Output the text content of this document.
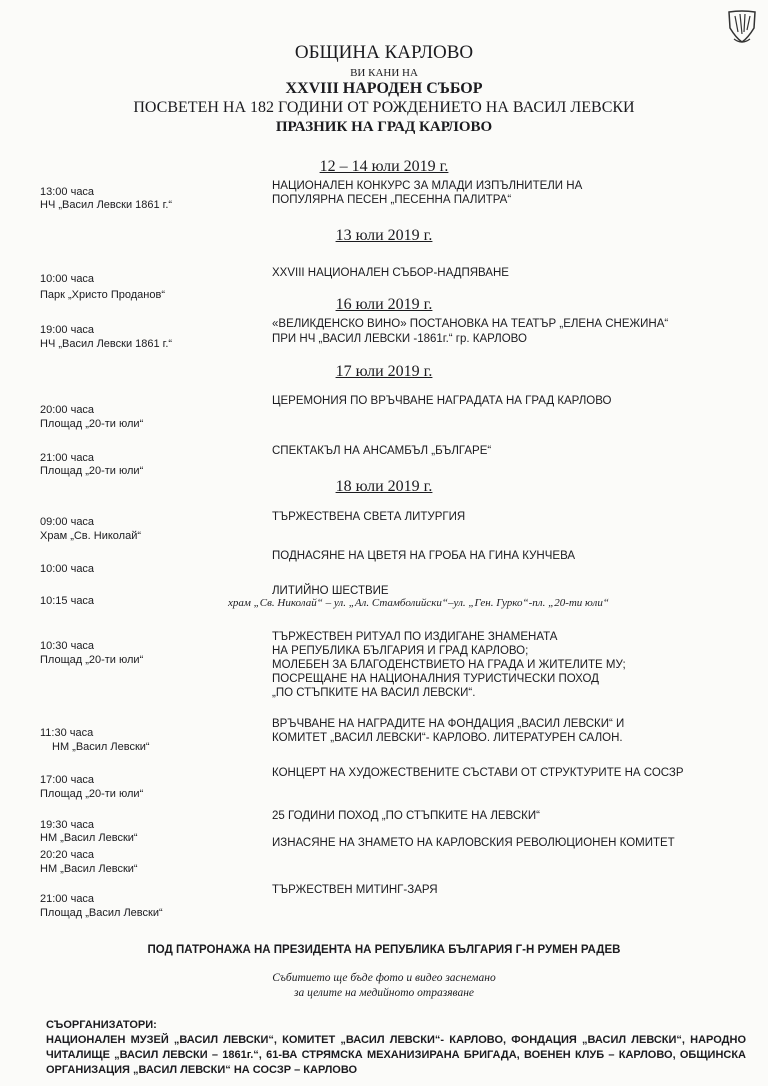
ОБЩИНА КАРЛОВО
ВИ КАНИ НА
XXVIII НАРОДЕН СЪБОР
ПОСВЕТЕН НА 182 ГОДИНИ ОТ РОЖДЕНИЕТО НА ВАСИЛ ЛЕВСКИ
ПРАЗНИК НА ГРАД КАРЛОВО
12 – 14 юли 2019 г.
13 юли 2019 г.
16 юли 2019 г.
17 юли 2019 г.
18 юли 2019 г.
13:00 часа
НЧ „Васил Левски 1861 г.“
НАЦИОНАЛЕН КОНКУРС ЗА МЛАДИ ИЗПЪЛНИТЕЛИ НА
ПОПУЛЯРНА ПЕСЕН „ПЕСЕННА ПАЛИТРА“
10:00 часа
Парк „Христо Проданов“
XXVIII НАЦИОНАЛЕН СЪБОР-НАДПЯВАНЕ
19:00 часа
НЧ „Васил Левски 1861 г.“
«ВЕЛИКДЕНСКО ВИНО» ПОСТАНОВКА НА ТЕАТЪР „ЕЛЕНА СНЕЖИНА“
ПРИ НЧ „ВАСИЛ ЛЕВСКИ -1861г.“ гр. КАРЛОВО
20:00 часа
Площад „20-ти юли“
ЦЕРЕМОНИЯ ПО ВРЪЧВАНЕ НАГРАДАТА НА ГРАД КАРЛОВО
21:00 часа
Площад „20-ти юли“
СПЕКТАКЪЛ НА АНСАМБЪЛ „БЪЛГАРЕ“
09:00 часа
Храм „Св. Николай“
ТЪРЖЕСТВЕНА СВЕТА ЛИТУРГИЯ
10:00 часа
ПОДНАСЯНЕ НА ЦВЕТЯ НА ГРОБА НА ГИНА КУНЧЕВА
10:15 часа
ЛИТИЙНО ШЕСТВИЕ
храм „Св. Николай“ – ул. „Ал. Стамболийски“–ул. „Ген. Гурко“-пл. „20-ти юли“
10:30 часа
Площад „20-ти юли“
ТЪРЖЕСТВЕН РИТУАЛ ПО ИЗДИГАНЕ ЗНАМЕНАТА
НА РЕПУБЛИКА БЪЛГАРИЯ И ГРАД КАРЛОВО;
МОЛЕБЕН ЗА БЛАГОДЕНСТВИЕТО НА ГРАДА И ЖИТЕЛИТЕ МУ;
ПОСРЕЩАНЕ НА НАЦИОНАЛНИЯ ТУРИСТИЧЕСКИ ПОХОД
„ПО СТЪПКИТЕ НА ВАСИЛ ЛЕВСКИ“.
11:30 часа
НМ „Васил Левски“
ВРЪЧВАНЕ НА НАГРАДИТЕ НА ФОНДАЦИЯ „ВАСИЛ ЛЕВСКИ“ И
КОМИТЕТ „ВАСИЛ ЛЕВСКИ“- КАРЛОВО. ЛИТЕРАТУРЕН САЛОН.
17:00 часа
Площад „20-ти юли“
КОНЦЕРТ НА ХУДОЖЕСТВЕНИТЕ СЪСТАВИ ОТ СТРУКТУРИТЕ НА СОСЗР
19:30 часа
НМ „Васил Левски“
25 ГОДИНИ ПОХОД „ПО СТЪПКИТЕ НА ЛЕВСКИ“
20:20 часа
НМ „Васил Левски“
ИЗНАСЯНЕ НА ЗНАМЕТО НА КАРЛОВСКИЯ РЕВОЛЮЦИОНЕН КОМИТЕТ
21:00 часа
Площад „Васил Левски“
ТЪРЖЕСТВЕН МИТИНГ-ЗАРЯ
ПОД ПАТРОНАЖА НА ПРЕЗИДЕНТА НА РЕПУБЛИКА БЪЛГАРИЯ Г-Н РУМЕН РАДЕВ
Събитието ще бъде фото и видео заснемано
за целите на медийното отразяване
СЪОРГАНИЗАТОРИ:
НАЦИОНАЛЕН МУЗЕЙ „ВАСИЛ ЛЕВСКИ“, КОМИТЕТ „ВАСИЛ ЛЕВСКИ“- КАРЛОВО, ФОНДАЦИЯ „ВАСИЛ ЛЕВСКИ“, НАРОДНО ЧИТАЛИЩЕ „ВАСИЛ ЛЕВСКИ – 1861г.“, 61-ВА СТРЯМСКА МЕХАНИЗИРАНА БРИГАДА, ВОЕНЕН КЛУБ – КАРЛОВО, ОБЩИНСКА ОРГАНИЗАЦИЯ „ВАСИЛ ЛЕВСКИ“ НА СОСЗР – КАРЛОВО
